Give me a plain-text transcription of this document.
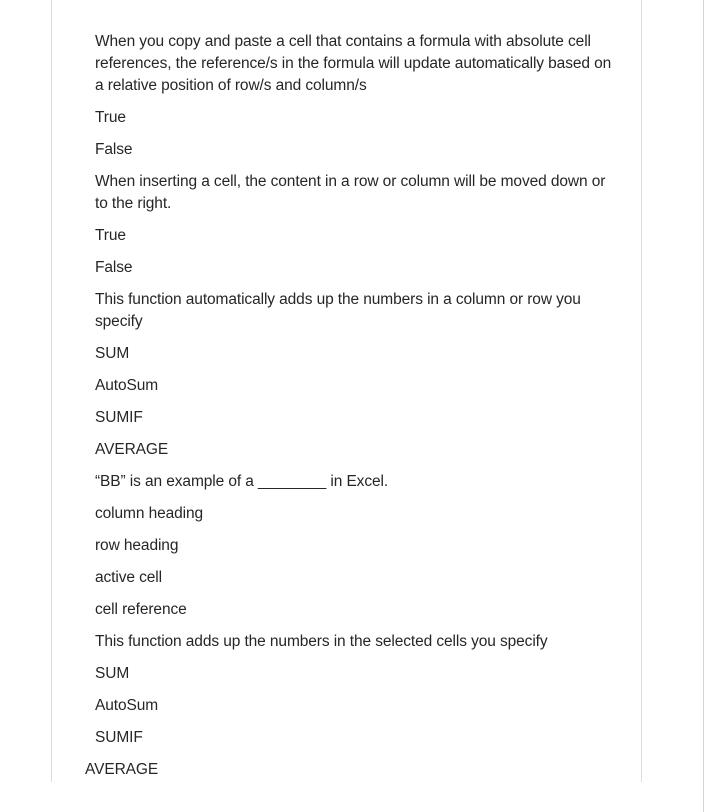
When you copy and paste a cell that contains a formula with absolute cell references, the reference/s in the formula will update automatically based on a relative position of row/s and column/s
True
False
When inserting a cell, the content in a row or column will be moved down or to the right.
True
False
This function automatically adds up the numbers in a column or row you specify
SUM
AutoSum
SUMIF
AVERAGE
“BB” is an example of a ________ in Excel.
column heading
row heading
active cell
cell reference
This function adds up the numbers in the selected cells you specify
SUM
AutoSum
SUMIF
AVERAGE
